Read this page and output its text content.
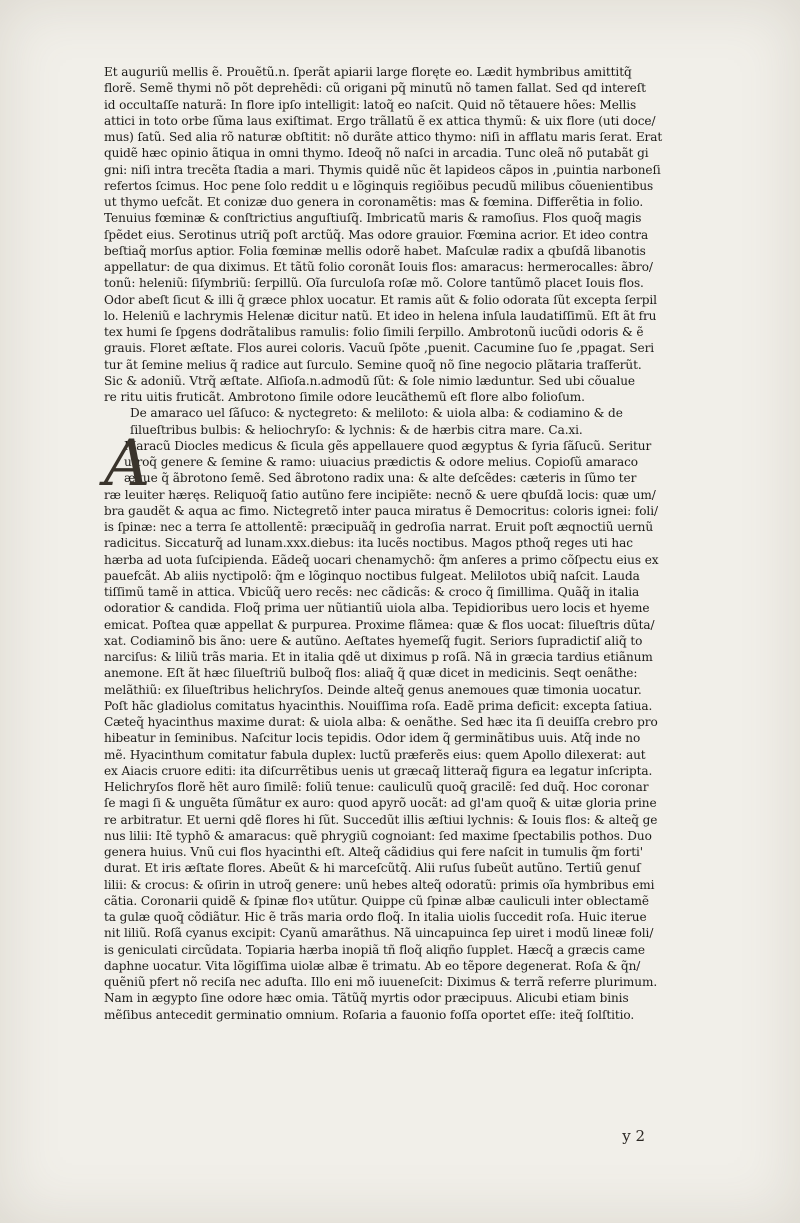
Et auguriũ mellis ẽ. Prouẽtũ.n. ſperãt apiarii large floręte eo. Lædit hymbribus amittitq̃
florẽ. Semẽ thymi nõ põt deprehẽdi: cũ origani pq̃ minutũ nõ tamen fallat. Sed qd intereſt
id occultaſſe naturã: In flore ipſo intelligit: latoq̃ eo naſcit. Quid nõ tẽtauere hões: Mellis
attici in toto orbe ſũma laus exiſtimat. Ergo trãllatũ ẽ ex attica thymũ: & uix flore (uti doce/
mus) ſatũ. Sed alia rõ naturæ obſtitit: nõ durãte attico thymo: niſi in afflatu maris ſerat. Erat
quidẽ hæc opinio ãtiqua in omni thymo. Ideoq̃ nõ naſci in arcadia. Tunc oleã nõ putabãt gi
gni: niſi intra trecẽta ſtadia a mari. Thymis quidẽ nũc ẽt lapideos cãpos in ,puintia narboneſi
refertos ſcimus. Hoc pene ſolo reddit u e lõginquis regiõibus pecudũ milibus cõuenientibus
ut thymo uefcãt. Et conizæ duo genera in coronamẽtis: mas & fœmina. Differẽtia in folio.
Tenuius fœminæ & conſtrictius anguſtiuſq̃. Imbricatũ maris & ramoſius. Flos quoq̃ magis
ſpẽdet eius. Serotinus utriq̃ poſt arctũq̃. Mas odore grauior. Fœmina acrior. Et ideo contra
beſtiaq̃ morſus aptior. Folia fœminæ mellis odorẽ habet. Maſculæ radix a qbuſdã libanotis
appellatur: de qua diximus. Et tãtũ folio coronãt Iouis flos: amaracus: hermerocalles: ãbro/
tonũ: heleniũ: ſiſymbriũ: ſerpillũ. Oĩa ſurculoſa roſæ mõ. Colore tantũmõ placet Iouis flos.
Odor abeſt ſicut & illi q̃ græce phlox uocatur. Et ramis aũt & folio odorata ſũt excepta ſerpil
lo. Heleniũ e lachrymis Helenæ dicitur natũ. Et ideo in helena inſula laudatiſſimũ. Eſt ãt fru
tex humi ſe ſpgens dodrãtalibus ramulis: folio ſimili ſerpillo. Ambrotonũ iucũdi odoris & ẽ
grauis. Floret æſtate. Flos aurei coloris. Vacuũ ſpõte ,puenit. Cacumine ſuo ſe ,ppagat. Seri
tur ãt ſemine melius q̃ radice aut ſurculo. Semine quoq̃ nõ ſine negocio plãtaria traſferũt.
Sic & adoniũ. Vtrq̃ æſtate. Alſioſa.n.admodũ ſũt: & ſole nimio læduntur. Sed ubi cõualue
re ritu uitis fruticãt. Ambrotono ſimile odore leucãthemũ eſt flore albo folioſum.
De amaraco uel ſãſuco: & nyctegreto: & meliloto: & uiola alba: & codiamino & de
ſilueſtribus bulbis: & heliochryſo: & lychnis: & de hærbis citra mare. Ca.xi.
A
Maracũ Diocles medicus & ſicula gẽs appellauere quod ægyptus & ſyria ſãſucũ. Seritur
utroq̃ genere & ſemine & ramo: uiuacius prædictis & odore melius. Copioſũ amaraco
æque q̃ ãbrotono ſemẽ. Sed ãbrotono radix una: & alte deſcẽdes: cæteris in ſũmo ter
ræ leuiter hæręs. Reliquoq̃ ſatio autũno fere incipiẽte: necnõ & uere qbuſdã locis: quæ um/
bra gaudẽt & aqua ac fimo. Nictegretõ inter pauca miratus ẽ Democritus: coloris ignei: foli/
is ſpinæ: nec a terra ſe attollentẽ: præcipuãq̃ in gedroſia narrat. Eruit poſt æqnoctiũ uernũ
radicitus. Siccaturq̃ ad lunam.xxx.diebus: ita lucẽs noctibus. Magos pthoq̃ reges uti hac
hærba ad uota ſuſcipienda. Eãdeq̃ uocari chenamychõ: q̃m anſeres a primo cõſpectu eius ex
pauefcãt. Ab aliis nyctipolõ: q̃m e lõginquo noctibus fulgeat. Melilotos ubiq̃ naſcit. Lauda
tiſſimũ tamẽ in attica. Vbicũq̃ uero recẽs: nec cãdicãs: & croco q̃ ſimillima. Quãq̃ in italia
odoratior & candida. Floq̃ prima uer nũtiantiũ uiola alba. Tepidioribus uero locis et hyeme
emicat. Poſtea quæ appellat & purpurea. Proxime flãmea: quæ & flos uocat: ſilueſtris dũta/
xat. Codiaminõ bis ãno: uere & autũno. Aeſtates hyemeſq̃ fugit. Seriors ſupradictiſ aliq̃ to
narciſus: & liliũ trãs maria. Et in italia qdẽ ut diximus p roſã. Nã in græcia tardius etiãnum
anemone. Eſt ãt hæc ſilueſtriũ bulboq̃ flos: aliaq̃ q̃ quæ dicet in medicinis. Seqt oenãthe:
melãthiũ: ex ſilueſtribus helichryſos. Deinde alteq̃ genus anemoues quæ timonia uocatur.
Poſt hãc gladiolus comitatus hyacinthis. Nouiſſima roſa. Eadẽ prima deficit: excepta ſatiua.
Cæteq̃ hyacinthus maxime durat: & uiola alba: & oenãthe. Sed hæc ita ſi deuiſſa crebro pro
hibeatur in ſeminibus. Naſcitur locis tepidis. Odor idem q̃ germinãtibus uuis. Atq̃ inde no
mẽ. Hyacinthum comitatur fabula duplex: luctũ præferẽs eius: quem Apollo dilexerat: aut
ex Aiacis cruore editi: ita diſcurrẽtibus uenis ut græcaq̃ litteraq̃ figura ea legatur inſcripta.
Helichryſos florẽ hẽt auro ſimilẽ: foliũ tenue: cauliculũ quoq̃ gracilẽ: ſed duq̃. Hoc coronar
ſe magi ſi & unguẽta ſũmãtur ex auro: quod apyrõ uocãt: ad gl'am quoq̃ & uitæ gloria prine
re arbitratur. Et uerni qdẽ flores hi ſũt. Succedũt illis æſtiui lychnis: & Iouis flos: & alteq̃ ge
nus lilii: Itẽ typhõ & amaracus: quẽ phrygiũ cognoiant: ſed maxime ſpectabilis pothos. Duo
genera huius. Vnũ cui flos hyacinthi eſt. Alteq̃ cãdidius qui fere naſcit in tumulis q̃m forti'
durat. Et iris æſtate flores. Abeũt & hi marceſcũtq̃. Alii ruſus ſubeũt autũno. Tertiũ genuſ
lilii: & crocus: & oſirin in utroq̃ genere: unũ hebes alteq̃ odoratũ: primis oĩa hymbribus emi
cãtia. Coronarii quidẽ & ſpinæ floꝛ utũtur. Quippe cũ ſpinæ albæ cauliculi inter oblectamẽ
ta gulæ quoq̃ cõdiãtur. Hic ẽ trãs maria ordo floq̃. In italia uiolis ſuccedit roſa. Huic iterue
nit liliũ. Roſã cyanus excipit: Cyanũ amarãthus. Nã uincapuinca ſep uiret i modũ lineæ foli/
is geniculati circũdata. Topiaria hærba inopiã tñ floq̃ aliqño ſupplet. Hæcq̃ a græcis came
daphne uocatur. Vita lõgiſſima uiolæ albæ ẽ trimatu. Ab eo tẽpore degenerat. Roſa & q̃n/
quẽniũ pfert nõ reciſa nec aduſta. Illo eni mõ iuueneſcit: Diximus & terrã referre plurimum.
Nam in ægypto ſine odore hæc omia. Tãtũq̃ myrtis odor præcipuus. Alicubi etiam binis
mẽſibus antecedit germinatio omnium. Roſaria a fauonio foſſa oportet eſſe: iteq̃ ſolſtitio.
y 2
